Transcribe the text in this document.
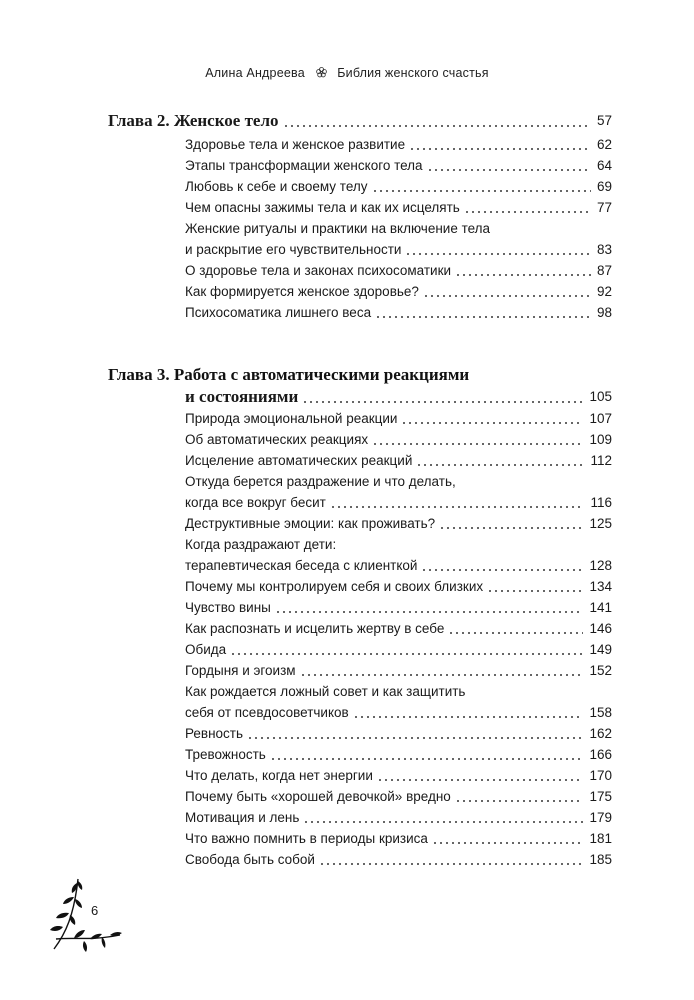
Алина Андреева	Библия женского счастья
Глава 2. Женское тело	57
Здоровье тела и женское развитие	62
Этапы трансформации женского тела	64
Любовь к себе и своему телу	69
Чем опасны зажимы тела и как их исцелять	77
Женские ритуалы и практики на включение тела
и раскрытие его чувствительности	83
О здоровье тела и законах психосоматики	87
Как формируется женское здоровье?	92
Психосоматика лишнего веса	98
Глава 3. Работа с автоматическими реакциями
и состояниями	105
Природа эмоциональной реакции	107
Об автоматических реакциях	109
Исцеление автоматических реакций	112
Откуда берется раздражение и что делать,
когда все вокруг бесит	116
Деструктивные эмоции: как проживать?	125
Когда раздражают дети:
терапевтическая беседа с клиенткой	128
Почему мы контролируем себя и своих близких	134
Чувство вины	141
Как распознать и исцелить жертву в себе	146
Обида	149
Гордыня и эгоизм	152
Как рождается ложный совет и как защитить
себя от псевдосоветчиков	158
Ревность	162
Тревожность	166
Что делать, когда нет энергии	170
Почему быть «хорошей девочкой» вредно	175
Мотивация и лень	179
Что важно помнить в периоды кризиса	181
Свобода быть собой	185
6
